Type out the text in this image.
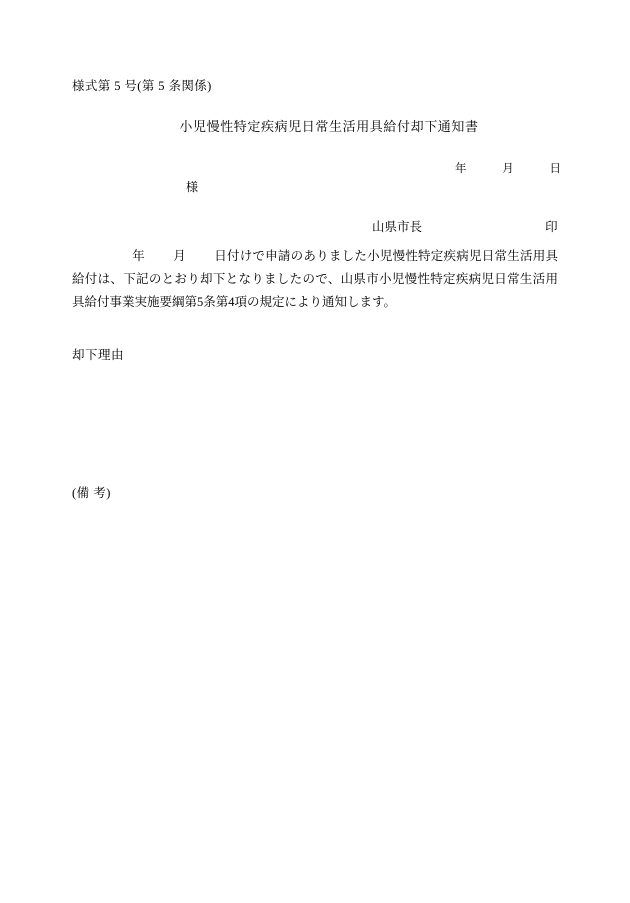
様式第 5 号(第 5 条関係)
小児慢性特定疾病児日常生活用具給付却下通知書
年	月	日
様
山県市長	印
年 月 日付けで申請のありました小児慢性特定疾病児日常生活用具給付は、下記のとおり却下となりましたので、山県市小児慢性特定疾病児日常生活用具給付事業実施要綱第5条第4項の規定により通知します。
却下理由
(備 考)
